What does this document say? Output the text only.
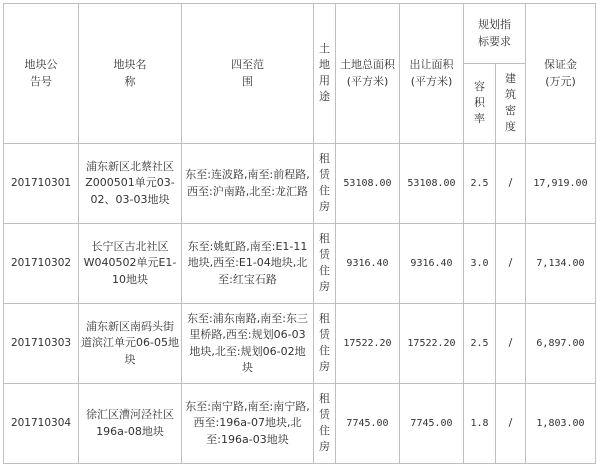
地块公告号	地块名称	四至范围	土地用途	土地总面积(平方米)	出让面积(平方米)	规划指标要求		保证金(万元)

						容积率	建筑密度	
201710301	浦东新区北蔡社区Z000501单元03-02、03-03地块	东至:连波路,南至:前程路,西至:沪南路,北至:龙汇路	租赁住房	53108.00	53108.00	2.5	/	17,919.00
201710302	长宁区古北社区W040502单元E1-10地块	东至:姚虹路,南至:E1-11地块,西至:E1-04地块,北至:红宝石路	租赁住房	9316.40	9316.40	3.0	/	7,134.00
201710303	浦东新区南码头街道滨江单元06-05地块	东至:浦东南路,南至:东三里桥路,西至:规划06-03地块,北至:规划06-02地块	租赁住房	17522.20	17522.20	2.5	/	6,897.00
201710304	徐汇区漕河泾社区196a-08地块	东至:南宁路,南至:南宁路,西至:196a-07地块,北至:196a-03地块	租赁住房	7745.00	7745.00	1.8	/	1,803.00
